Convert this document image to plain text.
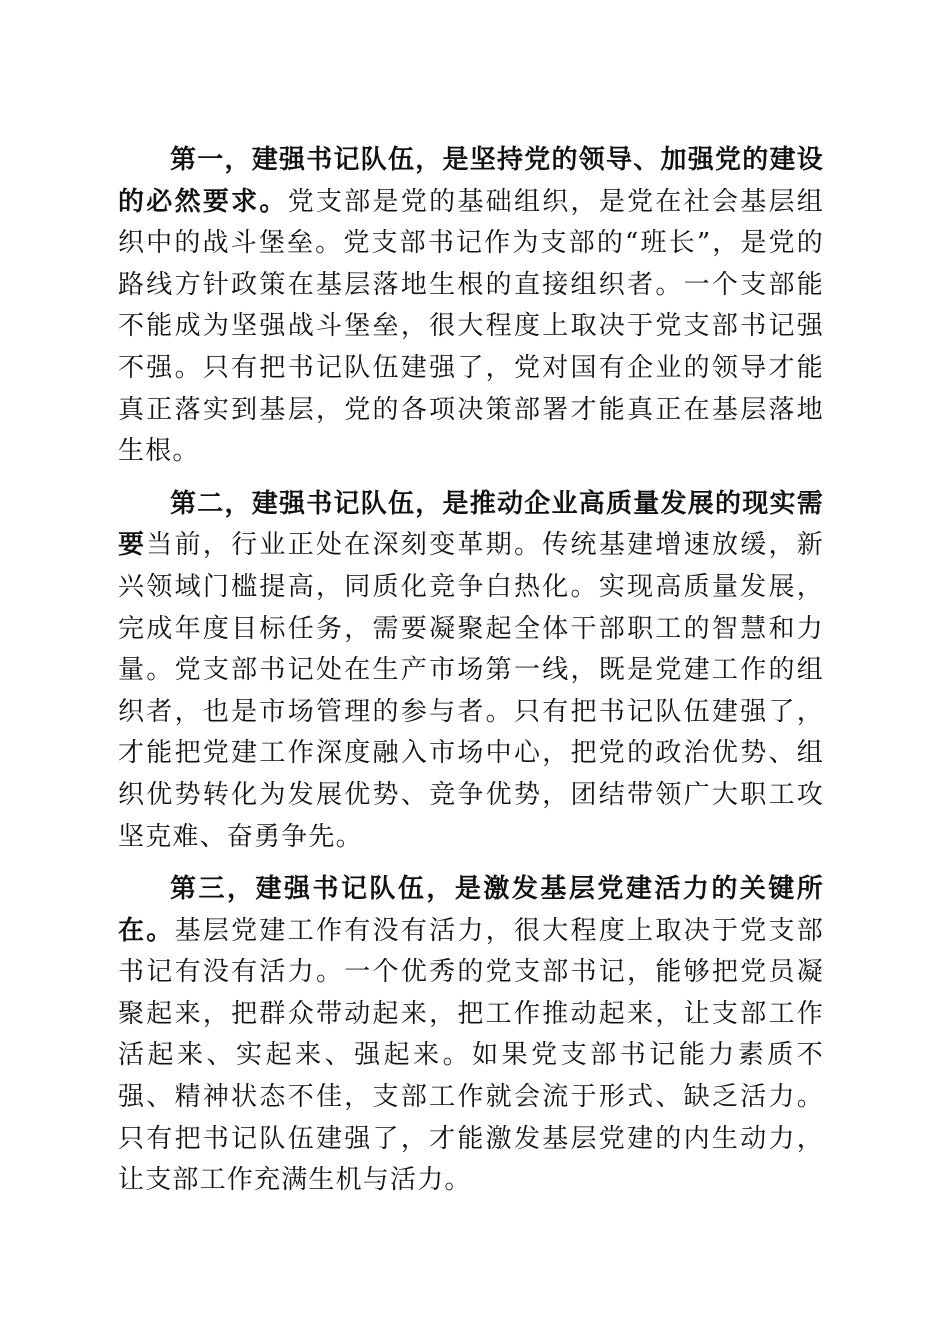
第一，建强书记队伍，是坚持党的领导、加强党的建设的必然要求。党支部是党的基础组织，是党在社会基层组织中的战斗堡垒。党支部书记作为支部的“班长”，是党的路线方针政策在基层落地生根的直接组织者。一个支部能不能成为坚强战斗堡垒，很大程度上取决于党支部书记强不强。只有把书记队伍建强了，党对国有企业的领导才能真正落实到基层，党的各项决策部署才能真正在基层落地生根。

第二，建强书记队伍，是推动企业高质量发展的现实需要当前，行业正处在深刻变革期。传统基建增速放缓，新兴领域门槛提高，同质化竞争白热化。实现高质量发展，完成年度目标任务，需要凝聚起全体干部职工的智慧和力量。党支部书记处在生产市场第一线，既是党建工作的组织者，也是市场管理的参与者。只有把书记队伍建强了，才能把党建工作深度融入市场中心，把党的政治优势、组织优势转化为发展优势、竞争优势，团结带领广大职工攻坚克难、奋勇争先。

第三，建强书记队伍，是激发基层党建活力的关键所在。基层党建工作有没有活力，很大程度上取决于党支部书记有没有活力。一个优秀的党支部书记，能够把党员凝聚起来，把群众带动起来，把工作推动起来，让支部工作活起来、实起来、强起来。如果党支部书记能力素质不强、精神状态不佳，支部工作就会流于形式、缺乏活力。只有把书记队伍建强了，才能激发基层党建的内生动力，让支部工作充满生机与活力。
